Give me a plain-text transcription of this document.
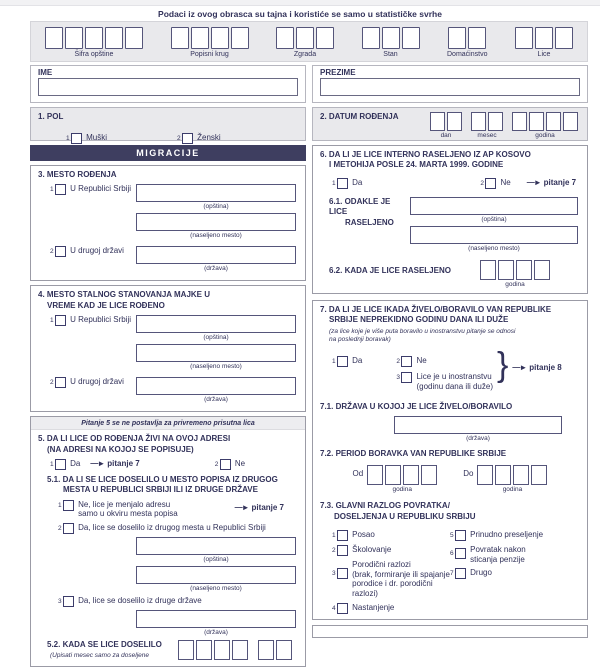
Podaci iz ovog obrasca su tajna i koristiće se samo u statističke svrhe
Šifra opštine	Popisni krug	Zgrada	Stan	Domaćinstvo	Lice
IME	PREZIME
1. POL
1 Muški	2 Ženski
2. DATUM ROĐENJA
dan	mesec	godina
MIGRACIJE
3. MESTO ROĐENJA
1 U Republici Srbiji
(opština)
(naseljeno mesto)
2 U drugoj državi
(država)
4. MESTO STALNOG STANOVANJA MAJKE U
VREME KAD JE LICE ROĐENO
1 U Republici Srbiji
(opština)
(naseljeno mesto)
2 U drugoj državi
(država)
Pitanje 5 se ne postavlja za privremeno prisutna lica
5. DA LI LICE OD ROĐENJA ŽIVI NA OVOJ ADRESI
(NA ADRESI NA KOJOJ SE POPISUJE)
1 Da —►	pitanje 7	2 Ne
5.1. DA LI SE LICE DOSELILO U MESTO POPISA IZ DRUGOG
MESTA U REPUBLICI SRBIJI ILI IZ DRUGE DRŽAVE
1 Ne, lice je menjalo adresu
samo u okviru mesta popisa
—►
pitanje 7
2 Da, lice se doselilo iz drugog mesta u Republici Srbiji
(opština)
(naseljeno mesto)
3 Da, lice se doselilo iz druge države
(država)
5.2. KADA SE LICE DOSELILO
(Upisati mesec samo za doseljene
6. DA LI JE LICE INTERNO RASELJENO IZ AP KOSOVO
I METOHIJA POSLE 24. MARTA 1999. GODINE
1 Da	2 Ne —►	pitanje 7
6.1. ODAKLE JE LICE
RASELJENO	(opština)
(naseljeno mesto)
6.2. KADA JE LICE RASELJENO
godina
7. DA LI JE LICE IKADA ŽIVELO/BORAVILO VAN REPUBLIKE
SRBIJE NEPREKIDNO GODINU DANA ILI DUŽE
(za lice koje je više puta boravilo u inostranstvu pitanje se odnosi
na poslednji boravak)
1 Da	2 Ne
3 Lice je u inostranstvu
(godinu dana ili duže)
}
—►
pitanje 8
7.1. DRŽAVA U KOJOJ JE LICE ŽIVELO/BORAVILO
(država)
7.2. PERIOD BORAVKA VAN REPUBLIKE SRBIJE
Od
godina
Do
godina
7.3. GLAVNI RAZLOG POVRATKA/
DOSELJENJA U REPUBLIKU SRBIJU
1 Posao
2 Školovanje
3
Porodični razlozi
(brak, formiranje ili spajanje
porodice i dr. porodični razlozi)
4 Nastanjenje
5 Prinudno preseljenje
6 Povratak nakon
sticanja penzije
7 Drugo
